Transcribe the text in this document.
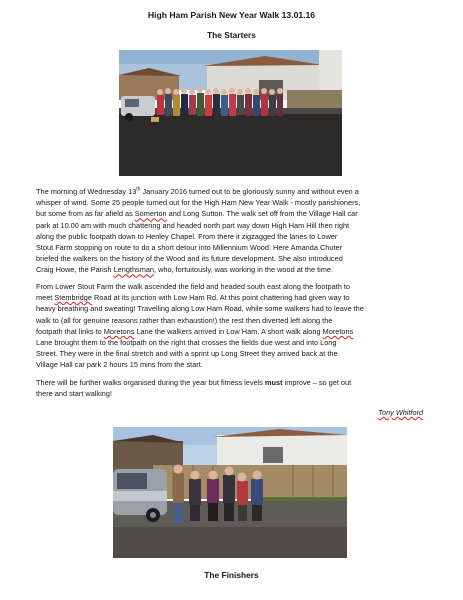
High Ham Parish New Year Walk 13.01.16
The Starters
The morning of Wednesday 13th January 2016 turned out to be gloriously sunny and without even a
whisper of wind. Some 25 people turned out for the High Ham New Year Walk - mostly parishioners,
but some from as far afield as Somerton and Long Sutton. The walk set off from the Village Hall car
park at 10.00 am with much chattering and headed north part way down High Ham Hill then right
along the public footpath down to Henley Chapel. From there it zigzagged the lanes to Lower
Stout Farm stopping on route to do a short detour into Millennium Wood. Here Amanda Chuter
briefed the walkers on the history of the Wood and its future development. She also introduced
Craig Howe, the Parish Lengthsman, who, fortuitously, was working in the wood at the time.
From Lower Stout Farm the walk ascended the field and headed south east along the footpath to
meet Stembridge Road at its junction with Low Ham Rd. At this point chattering had given way to
heavy breathing and sweating! Travelling along Low Ham Road, while some walkers had to leave the
walk to (all for genuine reasons rather than exhaustion!) the rest then diverted left along the
footpath that links to Moretons Lane the walkers arrived in Low Ham. A short walk along Moretons
Lane brought them to the footpath on the right that crosses the fields due west and into Long
Street. They were in the final stretch and with a sprint up Long Street they arrived back at the
Village Hall car park 2 hours 15 mins from the start.
There will be further walks organised during the year but fitness levels must improve – so get out
there and start walking!
Tony Whitford
The Finishers
